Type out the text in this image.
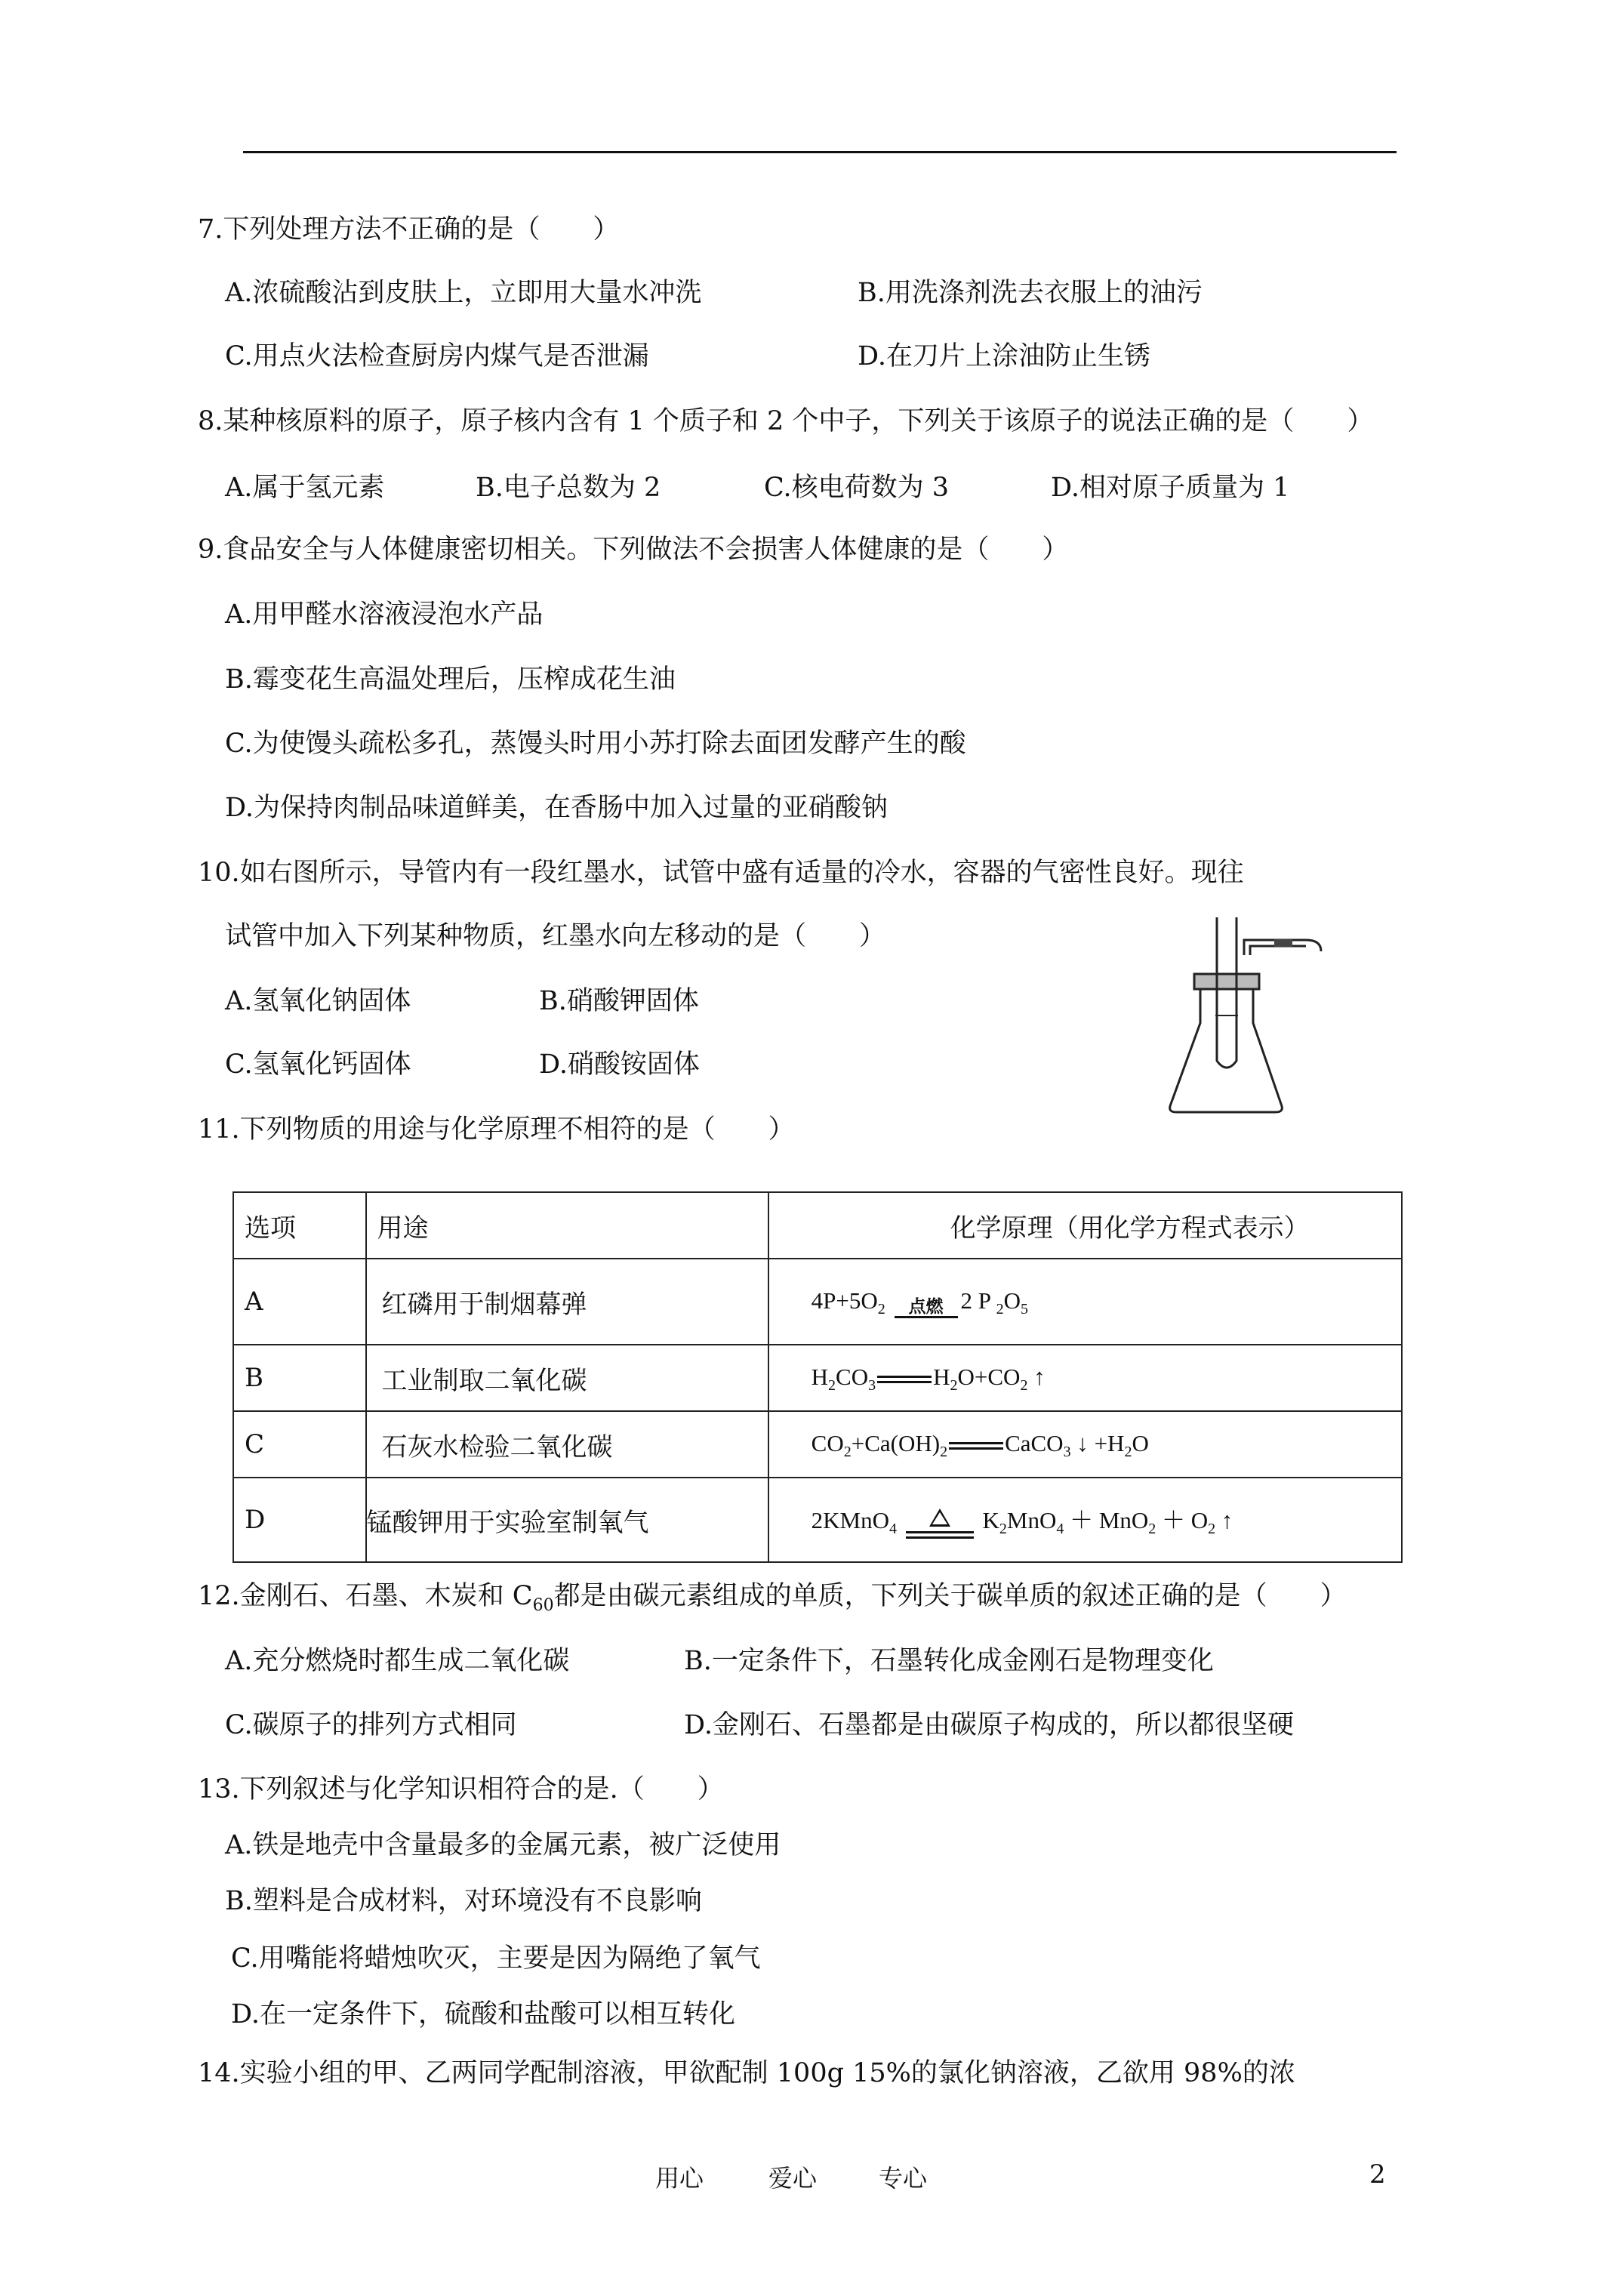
7.下列处理方法不正确的是（　　）
A.浓硫酸沾到皮肤上，立即用大量水冲洗	B.用洗涤剂洗去衣服上的油污
C.用点火法检查厨房内煤气是否泄漏	D.在刀片上涂油防止生锈
8.某种核原料的原子，原子核内含有 1 个质子和 2 个中子，下列关于该原子的说法正确的是（　　）
A.属于氢元素	B.电子总数为 2	C.核电荷数为 3	D.相对原子质量为 1
9.食品安全与人体健康密切相关。下列做法不会损害人体健康的是（　　）
A.用甲醛水溶液浸泡水产品
B.霉变花生高温处理后，压榨成花生油
C.为使馒头疏松多孔，蒸馒头时用小苏打除去面团发酵产生的酸
D.为保持肉制品味道鲜美，在香肠中加入过量的亚硝酸钠
10.如右图所示，导管内有一段红墨水，试管中盛有适量的冷水，容器的气密性良好。现往
试管中加入下列某种物质，红墨水向左移动的是（　　）
A.氢氧化钠固体	B.硝酸钾固体
C.氢氧化钙固体	D.硝酸铵固体
11.下列物质的用途与化学原理不相符的是（　　）
选项	用途	化学原理（用化学方程式表示）
A	红磷用于制烟幕弹	$4P+5O_2$ 点燃 2 P $_2O_5$
B	工业制取二氧化碳	$H_2CO_3$ $H_2O+CO_2$ ↑
C	石灰水检验二氧化碳	$CO_2+Ca(OH)_2$ CaCO$_3$ ↓ $+H_2O$
D	锰酸钾用于实验室制氧气	2KMnO$_4$ $K_2MnO_4 + MnO_2 + O_2$ ↑
12.金刚石、石墨、木炭和 $C_{60}$都是由碳元素组成的单质，下列关于碳单质的叙述正确的是（　　）
A.充分燃烧时都生成二氧化碳	B.一定条件下，石墨转化成金刚石是物理变化
C.碳原子的排列方式相同	D.金刚石、石墨都是由碳原子构成的，所以都很坚硬
13.下列叙述与化学知识相符合的是.（　　）
A.铁是地壳中含量最多的金属元素，被广泛使用
B.塑料是合成材料，对环境没有不良影响
C.用嘴能将蜡烛吹灭，主要是因为隔绝了氧气
D.在一定条件下，硫酸和盐酸可以相互转化
14.实验小组的甲、乙两同学配制溶液，甲欲配制 100g 15%的氯化钠溶液，乙欲用 98%的浓
用心	爱心	专心	2
